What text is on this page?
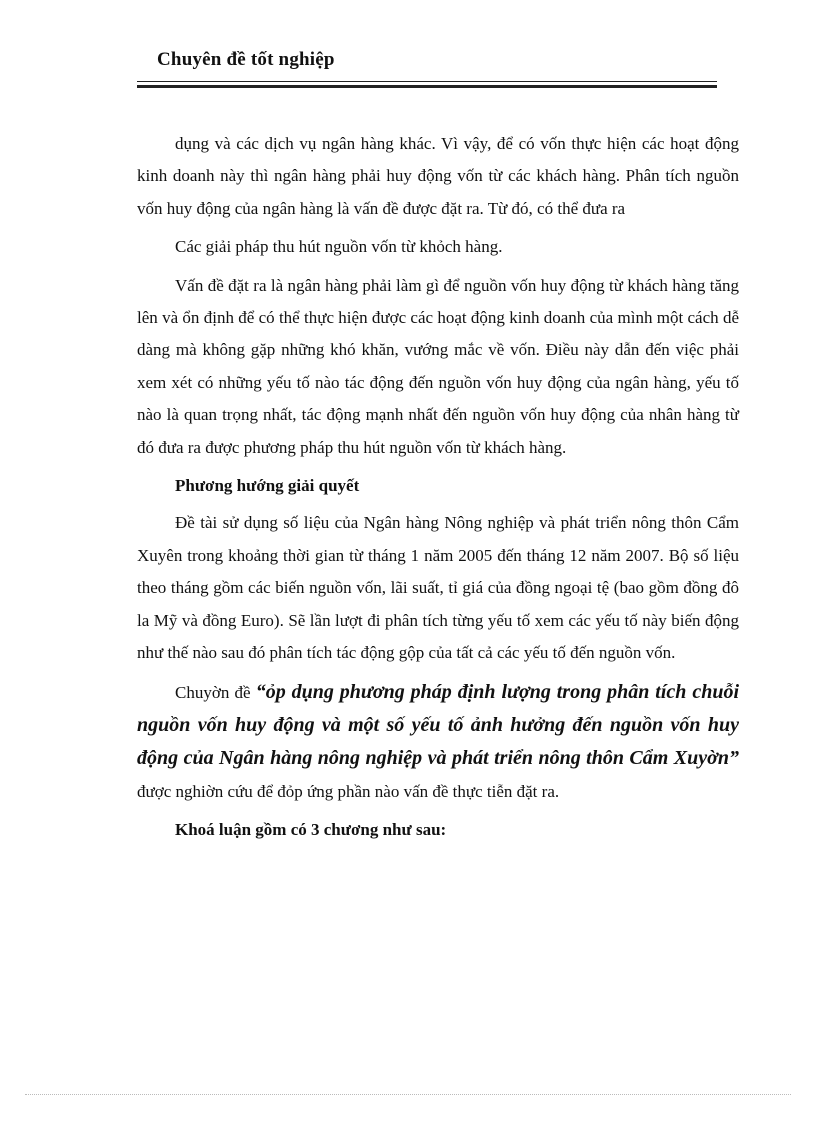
Chuyên đề tốt nghiệp

dụng và các dịch vụ ngân hàng khác. Vì vậy, để có vốn thực hiện các hoạt động kinh doanh này thì ngân hàng phải huy động vốn từ các khách hàng. Phân tích nguồn vốn huy động của ngân hàng là vấn đề được đặt ra. Từ đó, có thể đưa ra

Các giải pháp thu hút nguồn vốn từ khỏch hàng.

Vấn đề đặt ra là ngân hàng phải làm gì để nguồn vốn huy động từ khách hàng tăng lên và ổn định để có thể thực hiện được các hoạt động kinh doanh của mình một cách dễ dàng mà không gặp những khó khăn, vướng mắc về vốn. Điều này dẫn đến việc phải xem xét có những yếu tố nào tác động đến nguồn vốn huy động của ngân hàng, yếu tố nào là quan trọng nhất, tác động mạnh nhất đến nguồn vốn huy động của nhân hàng từ đó đưa ra được phương pháp thu hút nguồn vốn từ khách hàng.

Phương hướng giải quyết

Đề tài sử dụng số liệu của Ngân hàng Nông nghiệp và phát triển nông thôn Cẩm Xuyên trong khoảng thời gian từ tháng 1 năm 2005 đến tháng 12 năm 2007. Bộ số liệu theo tháng gồm các biến nguồn vốn, lãi suất, tỉ giá của đồng ngoại tệ (bao gồm đồng đô la Mỹ và đồng Euro). Sẽ lần lượt đi phân tích từng yếu tố xem các yếu tố này biến động như thế nào sau đó phân tích tác động gộp của tất cả các yếu tố đến nguồn vốn.

Chuyờn đề “ỏp dụng phương pháp định lượng trong phân tích chuỗi nguồn vốn huy động và một số yếu tố ảnh hưởng đến nguồn vốn huy động của Ngân hàng nông nghiệp và phát triển nông thôn Cẩm Xuyờn” được nghiờn cứu để đỏp ứng phần nào vấn đề thực tiễn đặt ra.

Khoá luận gồm có 3 chương như sau:
